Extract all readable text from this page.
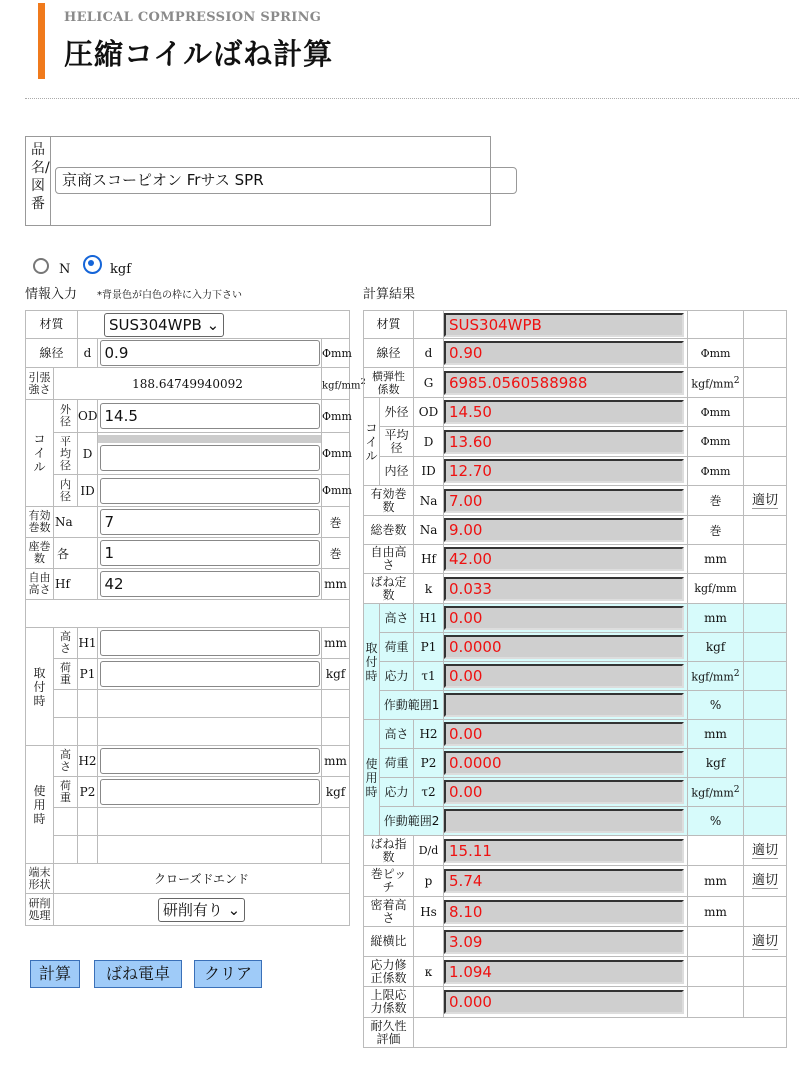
HELICAL COMPRESSION SPRING
圧縮コイルばね計算
品名/図番
京商スコーピオン Frサス SPR
N	kgf
情報入力 *背景色が白色の枠に入力下さい	計算結果
材質		SUS304WPB ⌄		
線径		d	0.9	Φmm

引張強さ	188.64749940092			kgf/$mm^2$

コイル	外径	OD	14.5	Φmm

	平均径	D		Φmm

	内径	ID		Φmm

有効巻数	Na		7	巻

座巻数	各		1	巻

自由高さ	Hf		42	mm

取付時	高さ	H1		mm

	荷重	P1		kgf

使用時	高さ	H2		mm

	荷重	P2		kgf

端末形状	クローズドエンド			

研削処理	研削有り ⌄			
計算	ばね電卓	クリア
材質			SUS304WPB		

線径		d	0.90	Φmm	

横弾性係数		G	6985.0560588988	kgf/$mm^2$	

コイル	外径	OD	14.50	Φmm	

	平均径	D	13.60	Φmm	
	内径	ID	12.70	Φmm	

有効巻数		Na	7.00	巻	適切
総巻数		Na	9.00	巻	

自由高さ		Hf	42.00	mm	

ばね定数		k	0.033	kgf/mm	

取付時	高さ	H1	0.00	mm	
	荷重	P1	0.0000	kgf	
	応力	τ1	0.00	kgf/$mm^2$	
	作動範囲1			%	

使用時	高さ	H2	0.00	mm	
	荷重	P2	0.0000	kgf	
	応力	τ2	0.00	kgf/$mm^2$	
	作動範囲2			%	

ばね指数		D/d	15.11		適切

巻ピッチ		p	5.74	mm	適切

密着高さ		Hs	8.10	mm	
縦横比			3.09		適切

応力修正係数		κ	1.094		

上限応力係数			0.000		

耐久性評価					
